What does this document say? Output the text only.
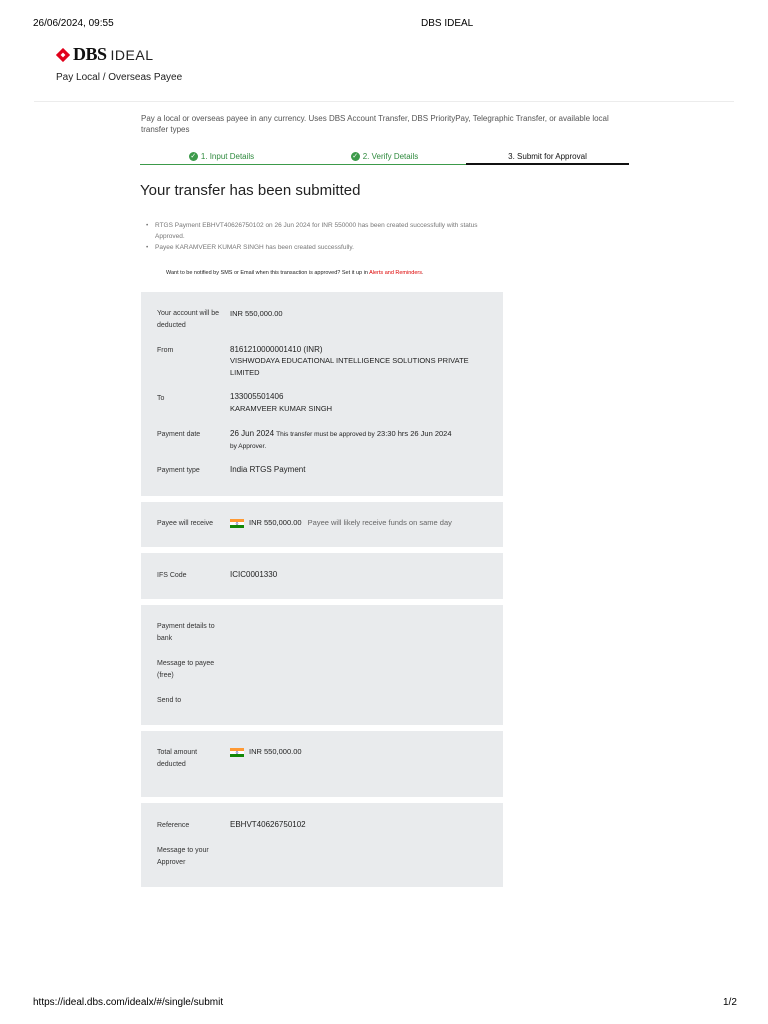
26/06/2024, 09:55	DBS IDEAL
DBS IDEAL
Pay Local / Overseas Payee
Pay a local or overseas payee in any currency. Uses DBS Account Transfer, DBS PriorityPay, Telegraphic Transfer, or available local transfer types
✓ 1. Input Details	✓ 2. Verify Details	3. Submit for Approval
Your transfer has been submitted
•	RTGS Payment EBHVT40626750102 on 26 Jun 2024 for INR 550000 has been created successfully with status Approved.
•	Payee KARAMVEER KUMAR SINGH has been created successfully.
Want to be notified by SMS or Email when this transaction is approved? Set it up in Alerts and Reminders.
Your account will be deducted
INR 550,000.00
From	8161210000001410 (INR)
VISHWODAYA EDUCATIONAL INTELLIGENCE SOLUTIONS PRIVATE LIMITED
To	133005501406
KARAMVEER KUMAR SINGH
Payment date	26 Jun 2024 This transfer must be approved by 23:30 hrs 26 Jun 2024
by Approver.
Payment type	India RTGS Payment
Payee will receive	INR 550,000.00 Payee will likely receive funds on same day
IFS Code	ICIC0001330
Payment details to bank
Message to payee (free)
Send to
Total amount deducted
INR 550,000.00
Reference	EBHVT40626750102
Message to your Approver
https://ideal.dbs.com/idealx/#/single/submit	1/2
